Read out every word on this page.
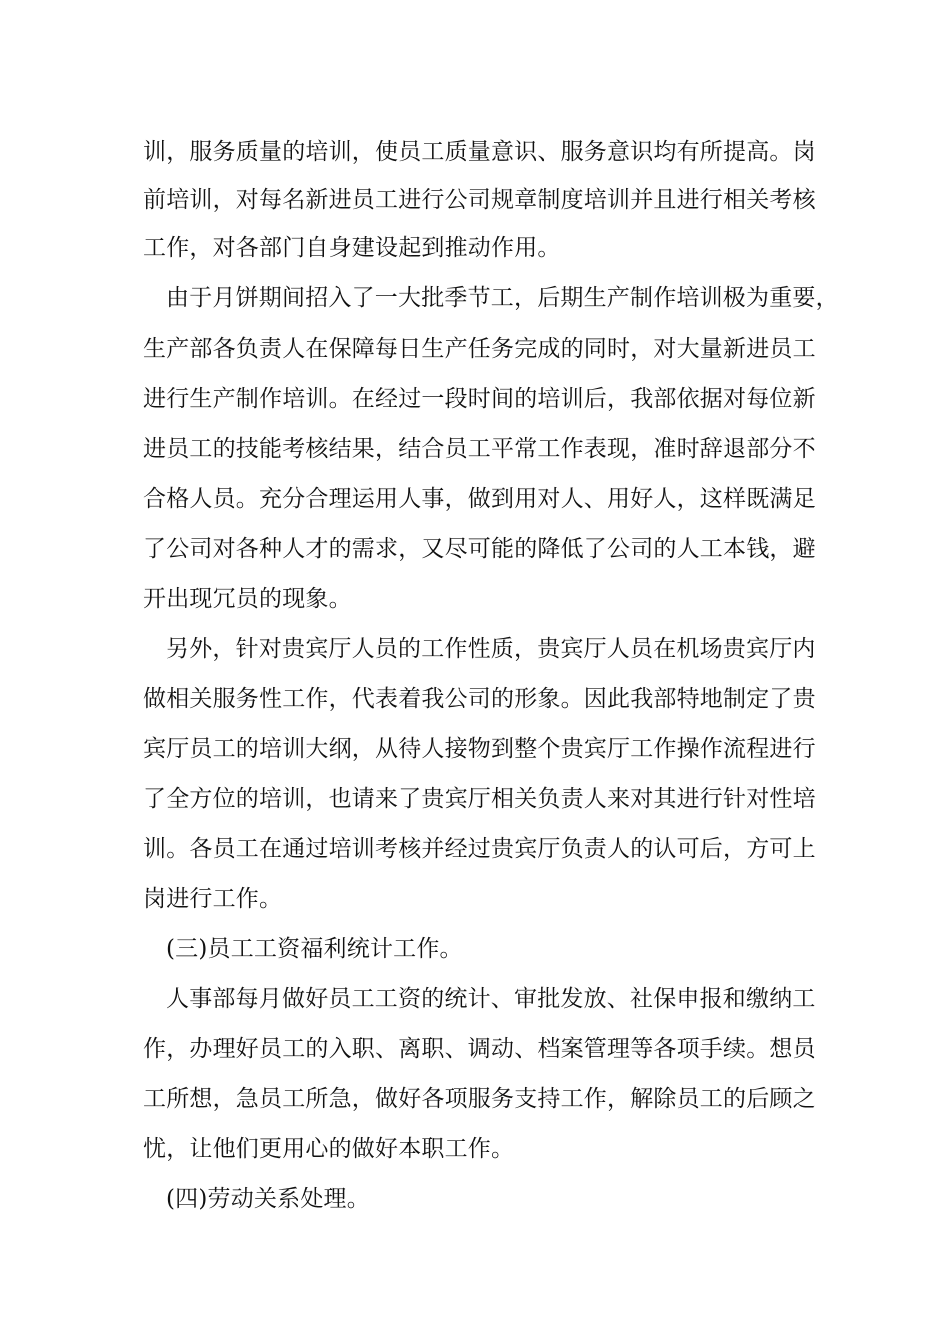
训，服务质量的培训，使员工质量意识、服务意识均有所提高。岗
前培训，对每名新进员工进行公司规章制度培训并且进行相关考核
工作，对各部门自身建设起到推动作用。
由于月饼期间招入了一大批季节工，后期生产制作培训极为重要，
生产部各负责人在保障每日生产任务完成的同时，对大量新进员工
进行生产制作培训。在经过一段时间的培训后，我部依据对每位新
进员工的技能考核结果，结合员工平常工作表现，准时辞退部分不
合格人员。充分合理运用人事，做到用对人、用好人，这样既满足
了公司对各种人才的需求，又尽可能的降低了公司的人工本钱，避
开出现冗员的现象。
另外，针对贵宾厅人员的工作性质，贵宾厅人员在机场贵宾厅内
做相关服务性工作，代表着我公司的形象。因此我部特地制定了贵
宾厅员工的培训大纲，从待人接物到整个贵宾厅工作操作流程进行
了全方位的培训，也请来了贵宾厅相关负责人来对其进行针对性培
训。各员工在通过培训考核并经过贵宾厅负责人的认可后，方可上
岗进行工作。
(三)员工工资福利统计工作。
人事部每月做好员工工资的统计、审批发放、社保申报和缴纳工
作，办理好员工的入职、离职、调动、档案管理等各项手续。想员
工所想，急员工所急，做好各项服务支持工作，解除员工的后顾之
忧，让他们更用心的做好本职工作。
(四)劳动关系处理。
